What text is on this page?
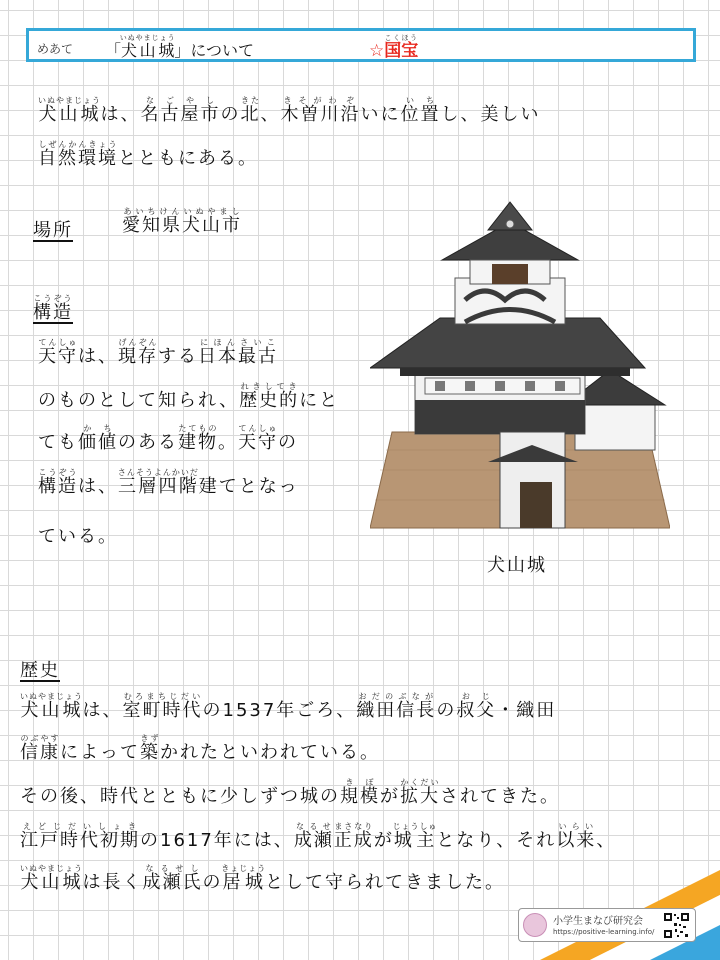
めあて 「犬山城いぬやまじょう」について	☆国宝こくほう
犬山城いぬやまじょうは、名古屋なごや市しの北きた、木曽川きそがわ沿ぞいに位置いちし、美しい
自然環境しぜんかんきょうとともにある。
場所	愛知県犬山市あいちけんいぬやまし
構造こうぞう
天守てんしゅは、現存げんぞんする日本最古にほんさいこ
のものとして知られ、歴史的れきしてきにと
ても価値かちのある建物たてもの。天守てんしゅの
構造こうぞうは、三層四階さんそうよんかいだ建てとなっ
ている。
犬山城
歴史
犬山城いぬやまじょうは、室町時代むろまちじだいの1537年ごろ、織田信長おだのぶながの叔父おじ・織田
信康のぶやすによって築きずかれたといわれている。
その後、時代とともに少しずつ城の規模きぼが拡大かくだいされてきた。
江戸時代初期えどじだいしょきの1617年には、成瀬なるせ正成まさなりが城主じょうしゅとなり、それ以来いらい、
犬山城いぬやまじょうは長く成瀬氏なるせしの居城きょじょうとして守られてきました。
小学生まなび研究会
https://positive-learning.info/
